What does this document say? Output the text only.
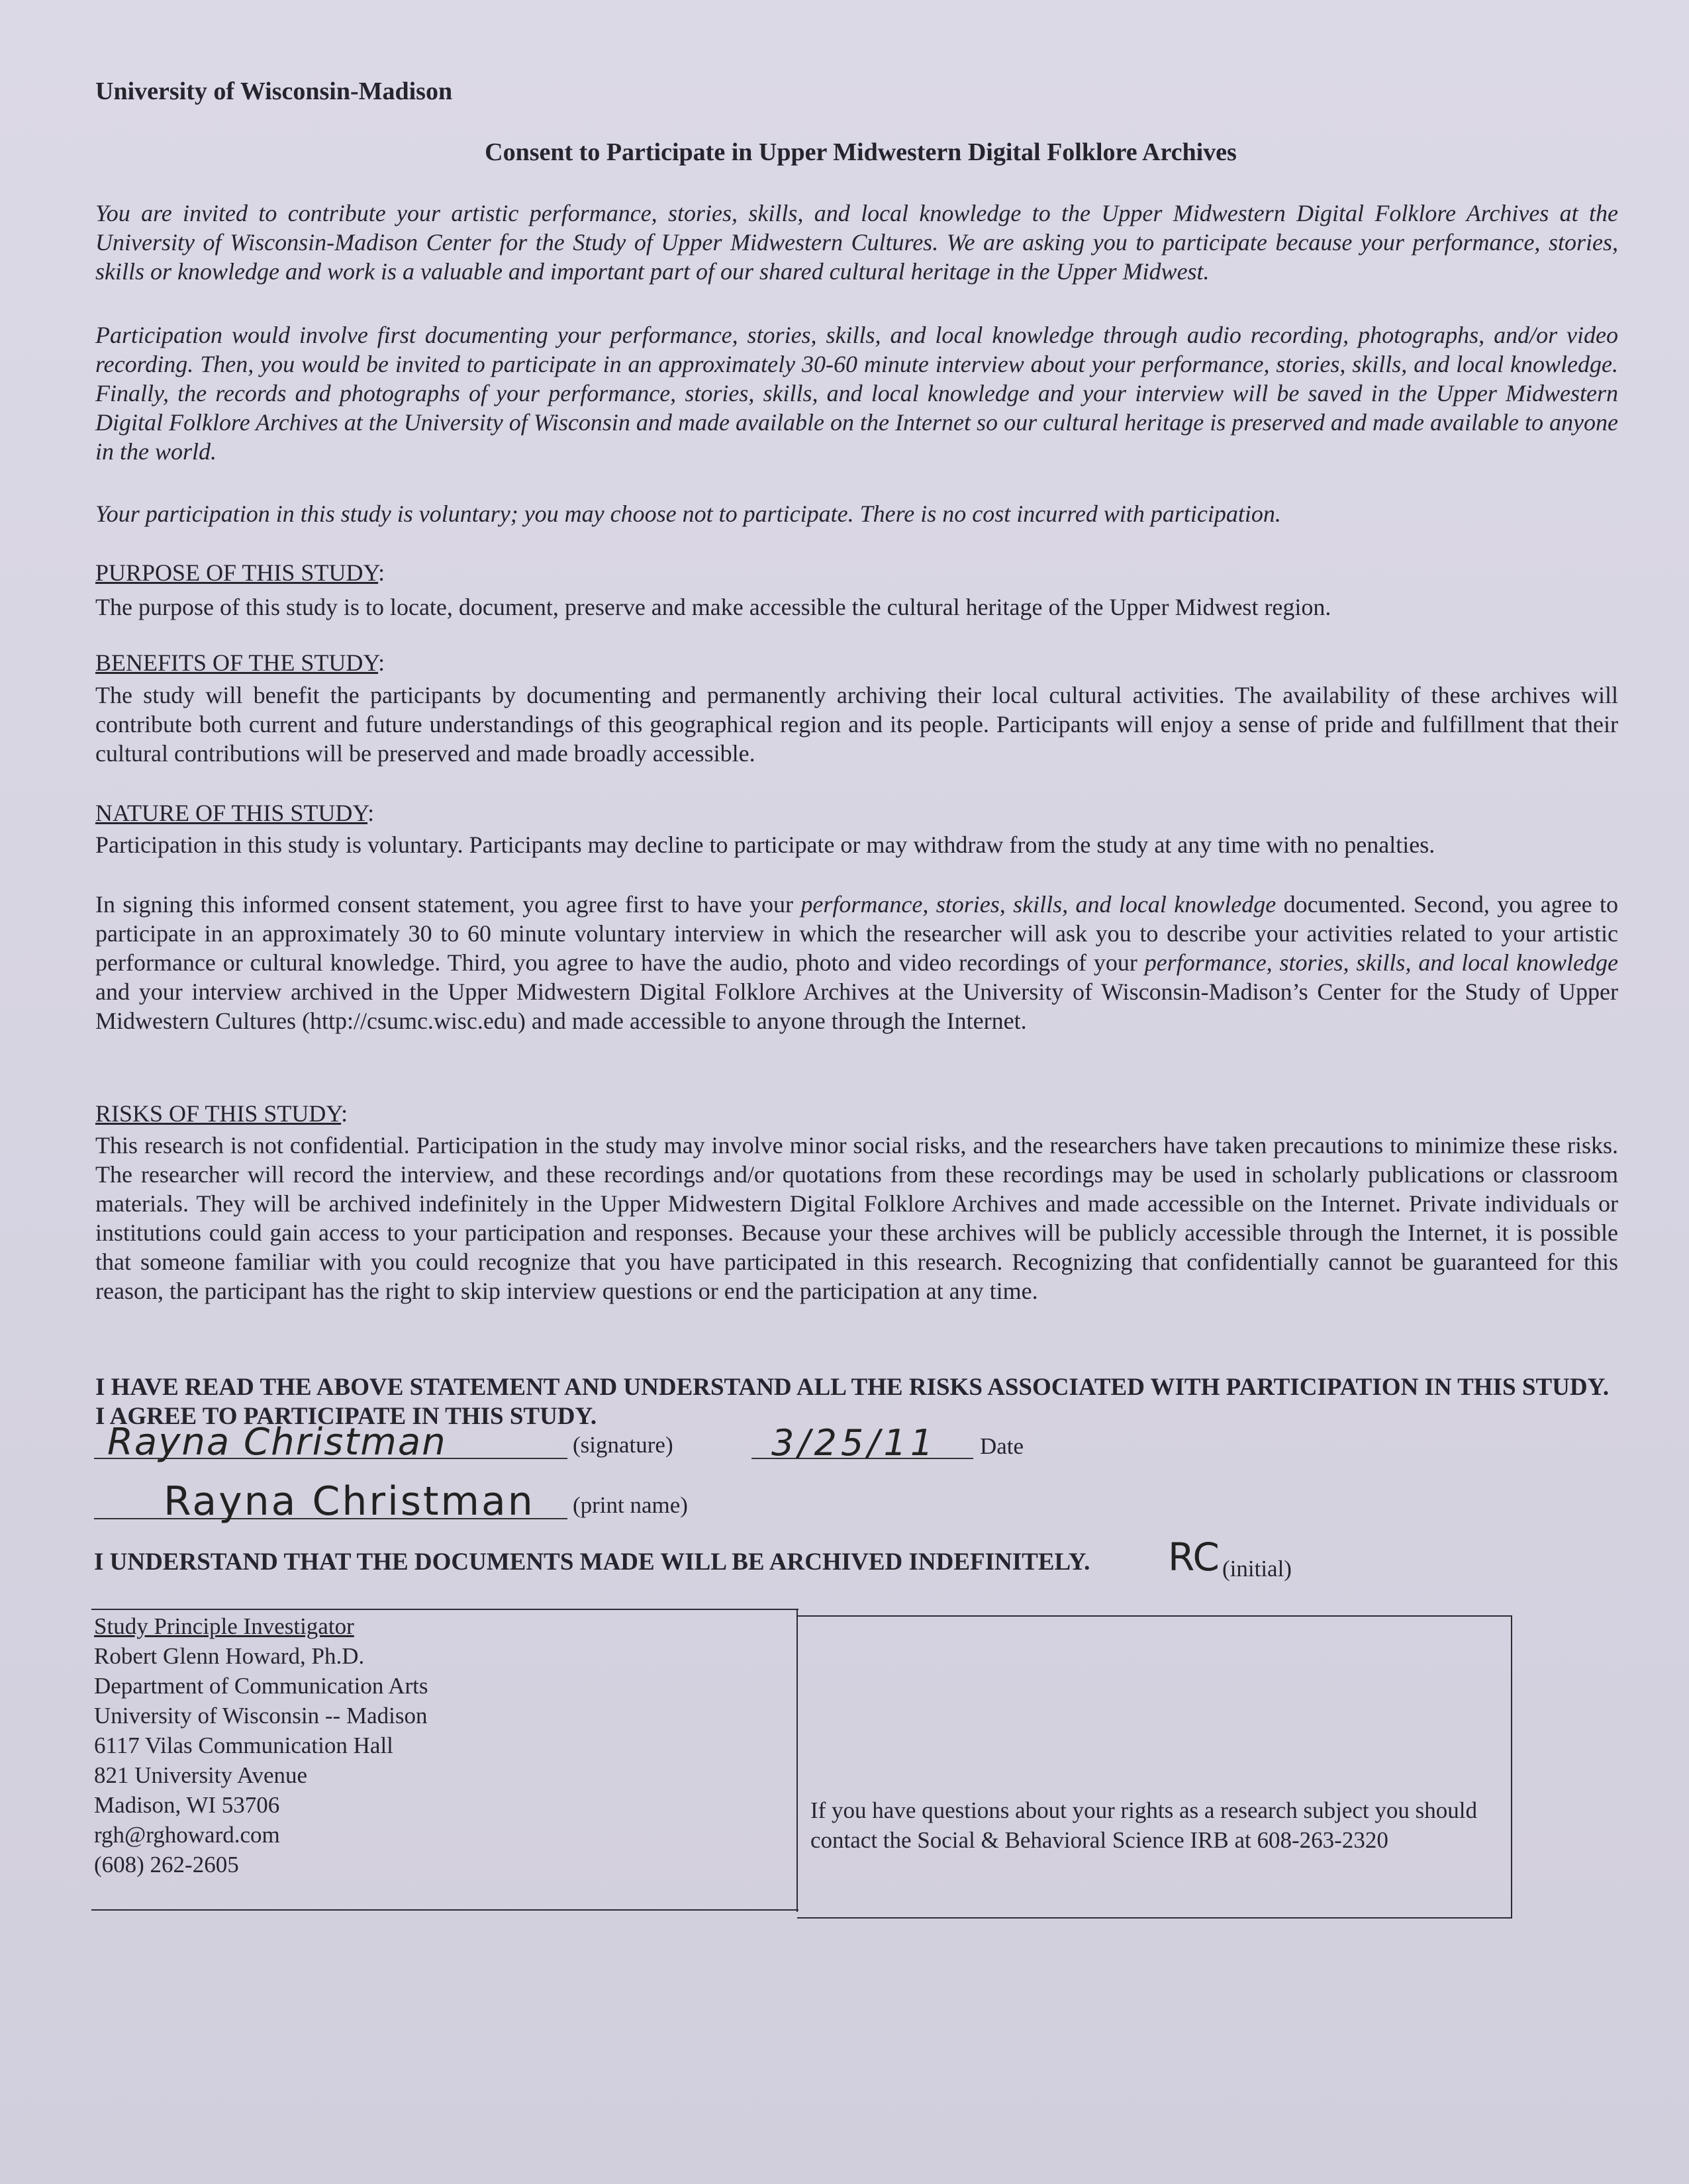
University of Wisconsin-Madison
Consent to Participate in Upper Midwestern Digital Folklore Archives
You are invited to contribute your artistic performance, stories, skills, and local knowledge to the Upper Midwestern Digital Folklore Archives at the University of Wisconsin-Madison Center for the Study of Upper Midwestern Cultures. We are asking you to participate because your performance, stories, skills or knowledge and work is a valuable and important part of our shared cultural heritage in the Upper Midwest.
Participation would involve first documenting your performance, stories, skills, and local knowledge through audio recording, photographs, and/or video recording. Then, you would be invited to participate in an approximately 30-60 minute interview about your performance, stories, skills, and local knowledge. Finally, the records and photographs of your performance, stories, skills, and local knowledge and your interview will be saved in the Upper Midwestern Digital Folklore Archives at the University of Wisconsin and made available on the Internet so our cultural heritage is preserved and made available to anyone in the world.
Your participation in this study is voluntary; you may choose not to participate. There is no cost incurred with participation.
PURPOSE OF THIS STUDY:
The purpose of this study is to locate, document, preserve and make accessible the cultural heritage of the Upper Midwest region.
BENEFITS OF THE STUDY:
The study will benefit the participants by documenting and permanently archiving their local cultural activities. The availability of these archives will contribute both current and future understandings of this geographical region and its people. Participants will enjoy a sense of pride and fulfillment that their cultural contributions will be preserved and made broadly accessible.
NATURE OF THIS STUDY:
Participation in this study is voluntary. Participants may decline to participate or may withdraw from the study at any time with no penalties.
In signing this informed consent statement, you agree first to have your performance, stories, skills, and local knowledge documented. Second, you agree to participate in an approximately 30 to 60 minute voluntary interview in which the researcher will ask you to describe your activities related to your artistic performance or cultural knowledge. Third, you agree to have the audio, photo and video recordings of your performance, stories, skills, and local knowledge and your interview archived in the Upper Midwestern Digital Folklore Archives at the University of Wisconsin-Madison’s Center for the Study of Upper Midwestern Cultures (http://csumc.wisc.edu) and made accessible to anyone through the Internet.
RISKS OF THIS STUDY:
This research is not confidential. Participation in the study may involve minor social risks, and the researchers have taken precautions to minimize these risks. The researcher will record the interview, and these recordings and/or quotations from these recordings may be used in scholarly publications or classroom materials. They will be archived indefinitely in the Upper Midwestern Digital Folklore Archives and made accessible on the Internet. Private individuals or institutions could gain access to your participation and responses. Because your these archives will be publicly accessible through the Internet, it is possible that someone familiar with you could recognize that you have participated in this research. Recognizing that confidentially cannot be guaranteed for this reason, the participant has the right to skip interview questions or end the participation at any time.
I HAVE READ THE ABOVE STATEMENT AND UNDERSTAND ALL THE RISKS ASSOCIATED WITH PARTICIPATION IN THIS STUDY. I AGREE TO PARTICIPATE IN THIS STUDY.
Rayna Christman	(signature)	3/25/11 Date
Rayna Christman (print name)
I UNDERSTAND THAT THE DOCUMENTS MADE WILL BE ARCHIVED INDEFINITELY. RC (initial)
Study Principle Investigator
Robert Glenn Howard, Ph.D.
Department of Communication Arts
University of Wisconsin -- Madison
6117 Vilas Communication Hall
821 University Avenue
Madison, WI 53706
rgh@rghoward.com
(608) 262-2605
If you have questions about your rights as a research subject you should contact the Social & Behavioral Science IRB at 608-263-2320
